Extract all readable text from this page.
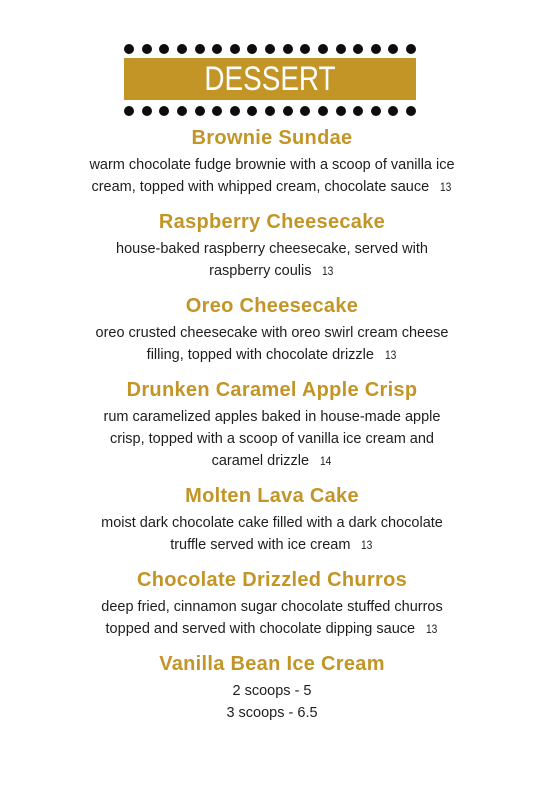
DESSERT
Brownie Sundae
warm chocolate fudge brownie with a scoop of vanilla ice
cream, topped with whipped cream, chocolate sauce 13
Raspberry Cheesecake
house-baked raspberry cheesecake, served with
raspberry coulis 13
Oreo Cheesecake
oreo crusted cheesecake with oreo swirl cream cheese
filling, topped with chocolate drizzle 13
Drunken Caramel Apple Crisp
rum caramelized apples baked in house-made apple
crisp, topped with a scoop of vanilla ice cream and
caramel drizzle 14
Molten Lava Cake
moist dark chocolate cake filled with a dark chocolate
truffle served with ice cream 13
Chocolate Drizzled Churros
deep fried, cinnamon sugar chocolate stuffed churros
topped and served with chocolate dipping sauce 13
Vanilla Bean Ice Cream
2 scoops - 5
3 scoops - 6.5
